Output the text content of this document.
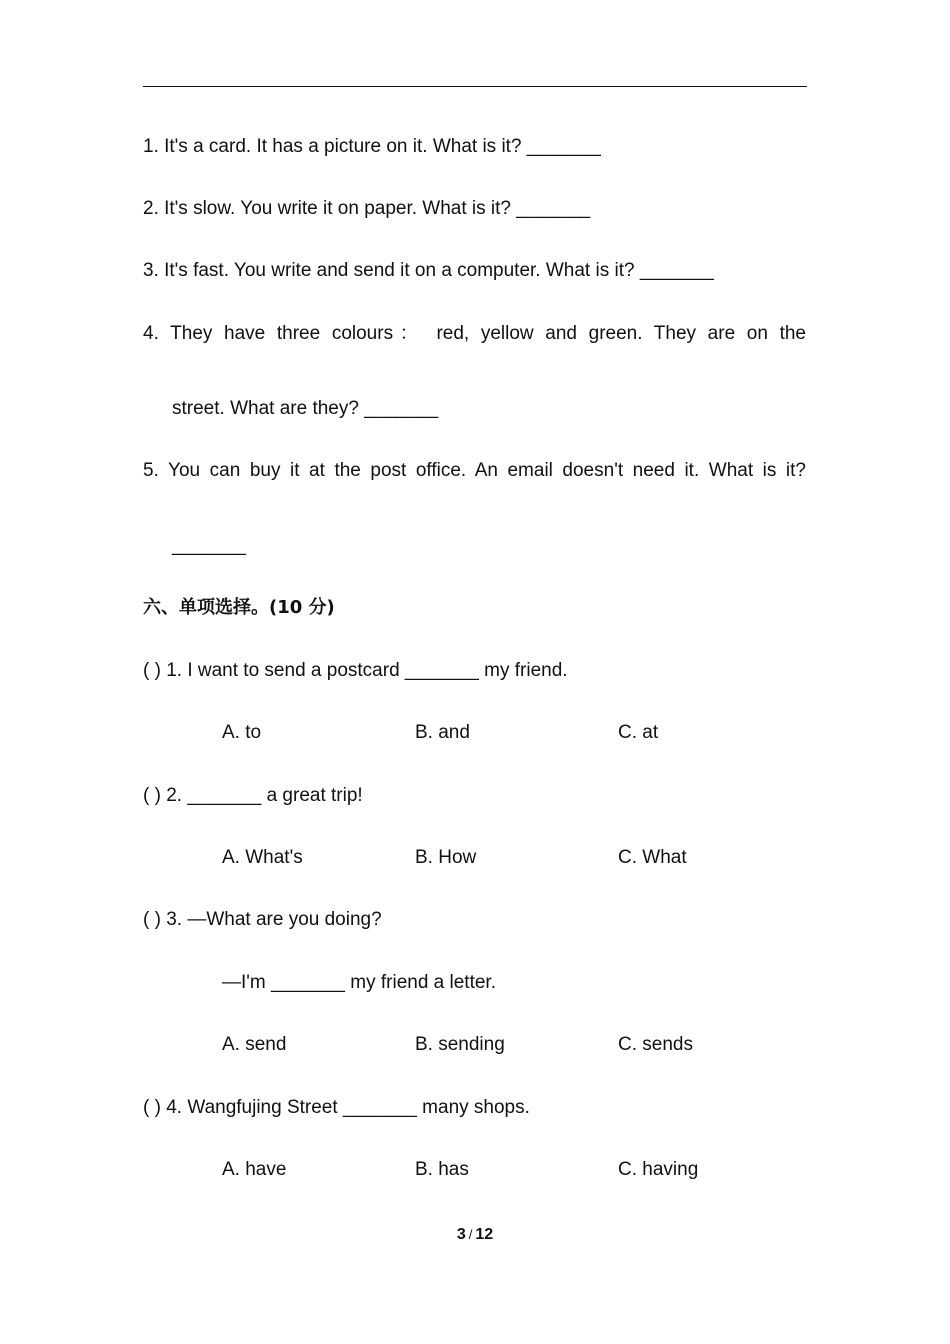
1. It's a card. It has a picture on it. What is it? _______
2. It's slow. You write it on paper. What is it? _______
3. It's fast. You write and send it on a computer. What is it? _______
4. They have three colours： red, yellow and green. They are on the
street. What are they? _______
5. You can buy it at the post office. An email doesn't need it. What is it?
_______
六、单项选择。(10 分)
( ) 1. I want to send a postcard _______ my friend.
A. to	B. and	C. at
( ) 2. _______ a great trip!
A. What's	B. How	C. What
( ) 3. —What are you doing?
—I'm _______ my friend a letter.
A. send	B. sending	C. sends
( ) 4. Wangfujing Street _______ many shops.
A. have	B. has	C. having
3 / 12
